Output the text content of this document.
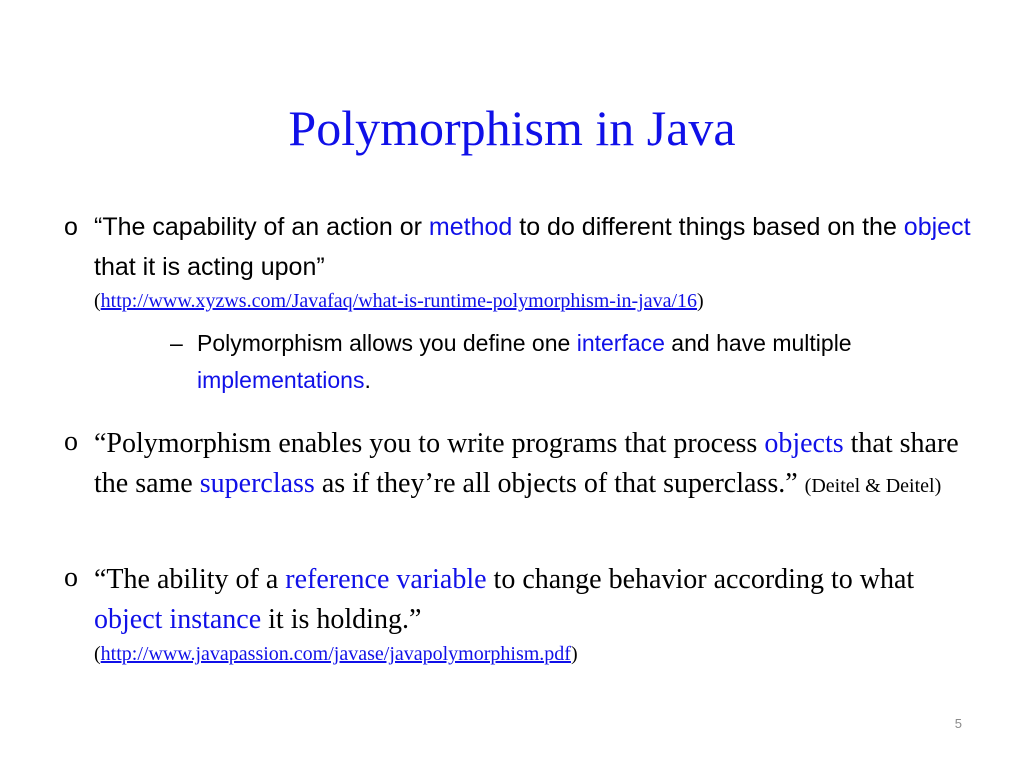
Polymorphism in Java
o “The capability of an action or method to do different things based on the object that it is acting upon”
(http://www.xyzws.com/Javafaq/what-is-runtime-polymorphism-in-java/16)
– Polymorphism allows you define one interface and have multiple implementations.
o “Polymorphism enables you to write programs that process objects that share the same superclass as if they’re all objects of that superclass.” (Deitel & Deitel)
o “The ability of a reference variable to change behavior according to what object instance it is holding.”
(http://www.javapassion.com/javase/javapolymorphism.pdf)
5
